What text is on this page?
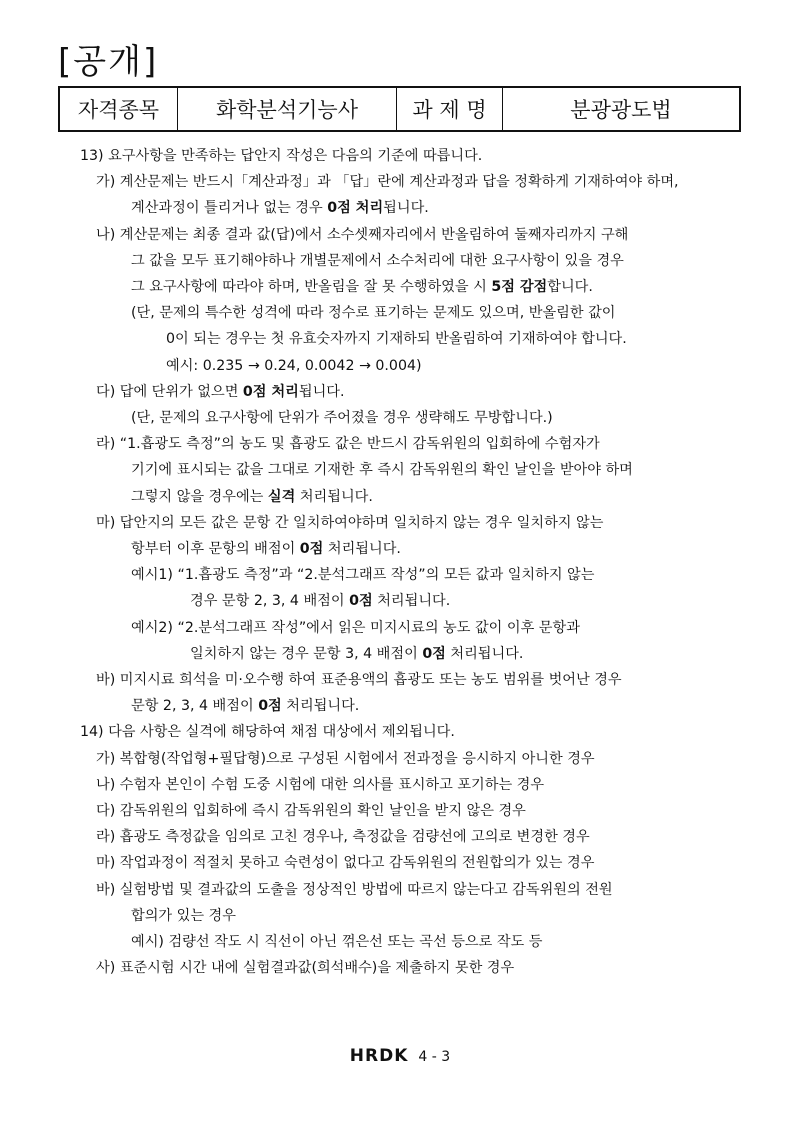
[공개]
자격종목	화학분석기능사	과 제 명	분광광도법
13) 요구사항을 만족하는 답안지 작성은 다음의 기준에 따릅니다.
가) 계산문제는 반드시「계산과정」과 「답」란에 계산과정과 답을 정확하게 기재하여야 하며,
계산과정이 틀리거나 없는 경우 0점 처리됩니다.
나) 계산문제는 최종 결과 값(답)에서 소수셋째자리에서 반올림하여 둘째자리까지 구해
그 값을 모두 표기해야하나 개별문제에서 소수처리에 대한 요구사항이 있을 경우
그 요구사항에 따라야 하며, 반올림을 잘 못 수행하였을 시 5점 감점합니다.
(단, 문제의 특수한 성격에 따라 정수로 표기하는 문제도 있으며, 반올림한 값이
0이 되는 경우는 첫 유효숫자까지 기재하되 반올림하여 기재하여야 합니다.
예시: 0.235 → 0.24, 0.0042 → 0.004)
다) 답에 단위가 없으면 0점 처리됩니다.
(단, 문제의 요구사항에 단위가 주어졌을 경우 생략해도 무방합니다.)
라) “1.흡광도 측정”의 농도 및 흡광도 값은 반드시 감독위원의 입회하에 수험자가
기기에 표시되는 값을 그대로 기재한 후 즉시 감독위원의 확인 날인을 받아야 하며
그렇지 않을 경우에는 실격 처리됩니다.
마) 답안지의 모든 값은 문항 간 일치하여야하며 일치하지 않는 경우 일치하지 않는
항부터 이후 문항의 배점이 0점 처리됩니다.
예시1) “1.흡광도 측정”과 “2.분석그래프 작성”의 모든 값과 일치하지 않는
경우 문항 2, 3, 4 배점이 0점 처리됩니다.
예시2) “2.분석그래프 작성”에서 읽은 미지시료의 농도 값이 이후 문항과
일치하지 않는 경우 문항 3, 4 배점이 0점 처리됩니다.
바) 미지시료 희석을 미·오수행 하여 표준용액의 흡광도 또는 농도 범위를 벗어난 경우
문항 2, 3, 4 배점이 0점 처리됩니다.
14) 다음 사항은 실격에 해당하여 채점 대상에서 제외됩니다.
가) 복합형(작업형+필답형)으로 구성된 시험에서 전과정을 응시하지 아니한 경우
나) 수험자 본인이 수험 도중 시험에 대한 의사를 표시하고 포기하는 경우
다) 감독위원의 입회하에 즉시 감독위원의 확인 날인을 받지 않은 경우
라) 흡광도 측정값을 임의로 고친 경우나, 측정값을 검량선에 고의로 변경한 경우
마) 작업과정이 적절치 못하고 숙련성이 없다고 감독위원의 전원합의가 있는 경우
바) 실험방법 및 결과값의 도출을 정상적인 방법에 따르지 않는다고 감독위원의 전원
합의가 있는 경우
예시) 검량선 작도 시 직선이 아닌 꺾은선 또는 곡선 등으로 작도 등
사) 표준시험 시간 내에 실험결과값(희석배수)을 제출하지 못한 경우
HRDK 4 - 3
